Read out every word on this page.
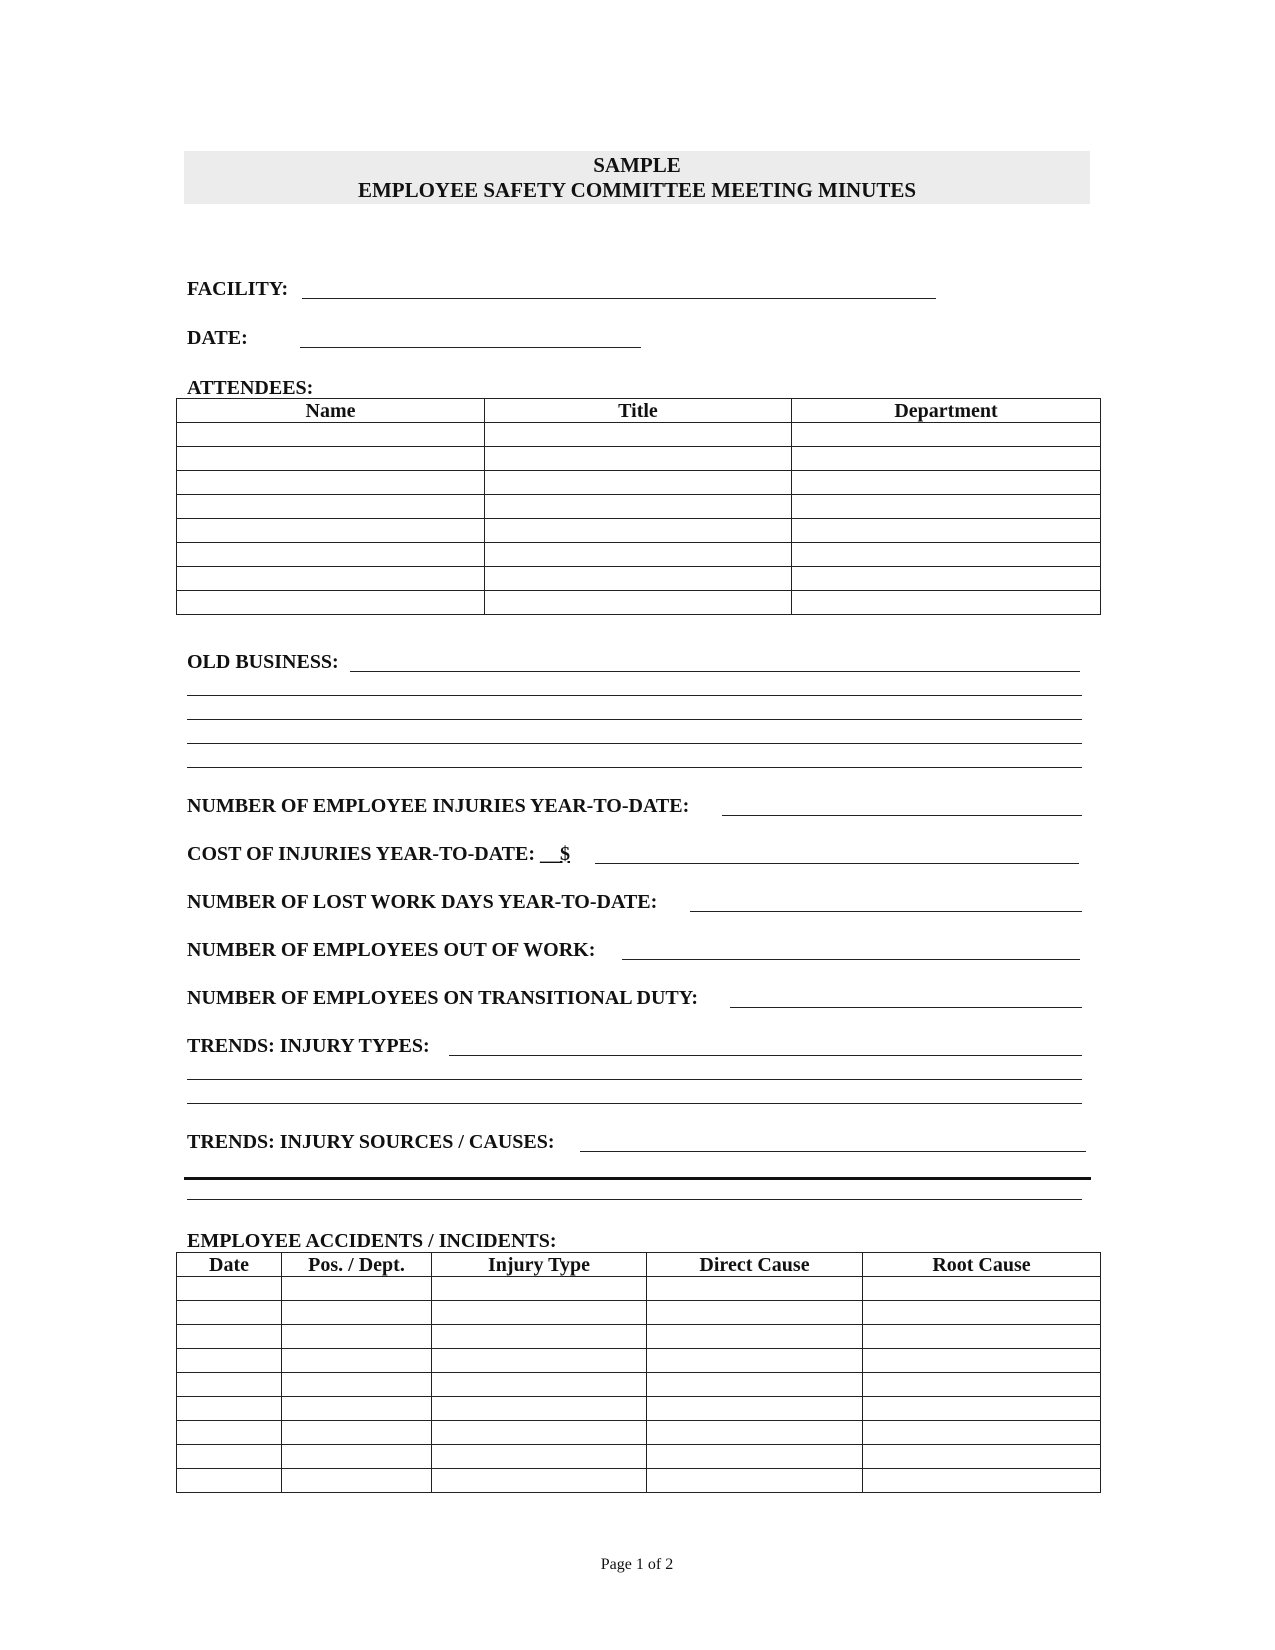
SAMPLE
EMPLOYEE SAFETY COMMITTEE MEETING MINUTES
FACILITY:
DATE:
ATTENDEES:
Name	Title	Department

OLD BUSINESS:
NUMBER OF EMPLOYEE INJURIES YEAR-TO-DATE:
COST OF INJURIES YEAR-TO-DATE: __$
NUMBER OF LOST WORK DAYS YEAR-TO-DATE:
NUMBER OF EMPLOYEES OUT OF WORK:
NUMBER OF EMPLOYEES ON TRANSITIONAL DUTY:
TRENDS: INJURY TYPES:
TRENDS: INJURY SOURCES / CAUSES:
EMPLOYEE ACCIDENTS / INCIDENTS:
Date	Pos. / Dept.	Injury Type	Direct Cause	Root Cause

Page 1 of 2
